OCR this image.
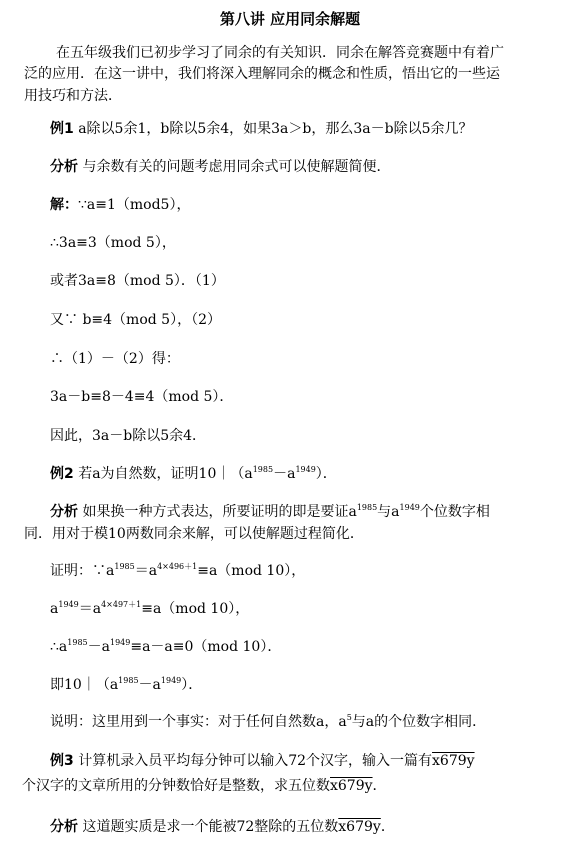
第八讲 应用同余解题
在五年级我们已初步学习了同余的有关知识．同余在解答竞赛题中有着广
泛的应用．在这一讲中，我们将深入理解同余的概念和性质，悟出它的一些运
用技巧和方法．
例1 a除以5余1，b除以5余4，如果3a＞b，那么3a－b除以5余几？
分析 与余数有关的问题考虑用同余式可以使解题简便．
解：∵a≡1（mod5），
∴3a≡3（mod 5），
或者3a≡8（mod 5）．（1）
又∵ b≡4（mod 5），（2）
∴（1）－（2）得：
3a－b≡8－4≡4（mod 5）．
因此，3a－b除以5余4．
例2 若a为自然数，证明$10|(a^{1985}-a^{1949})$．
分析 如果换一种方式表达，所要证明的即是要证$a^{1985}$与$a^{1949}$个位数字相
同．用对于模10两数同余来解，可以使解题过程简化．
证明：$\because a^{1985}=a^{4\times 496+1}\equiv a(mod$ 10），
$a^{1949}=a^{4\times 497+1}\equiv a(mod$ 10），
$\therefore a^{1985}-a^{1949}\equiv a-a\equiv 0(mod$ 10）．
即$10|(a^{1985}-a^{1949})$．
说明：这里用到一个事实：对于任何自然数a，$a^5$与a的个位数字相同．
例3 计算机录入员平均每分钟可以输入72个汉字，输入一篇有x679y
个汉字的文章所用的分钟数恰好是整数，求五位数x679y．
分析 这道题实质是求一个能被72整除的五位数x679y．
